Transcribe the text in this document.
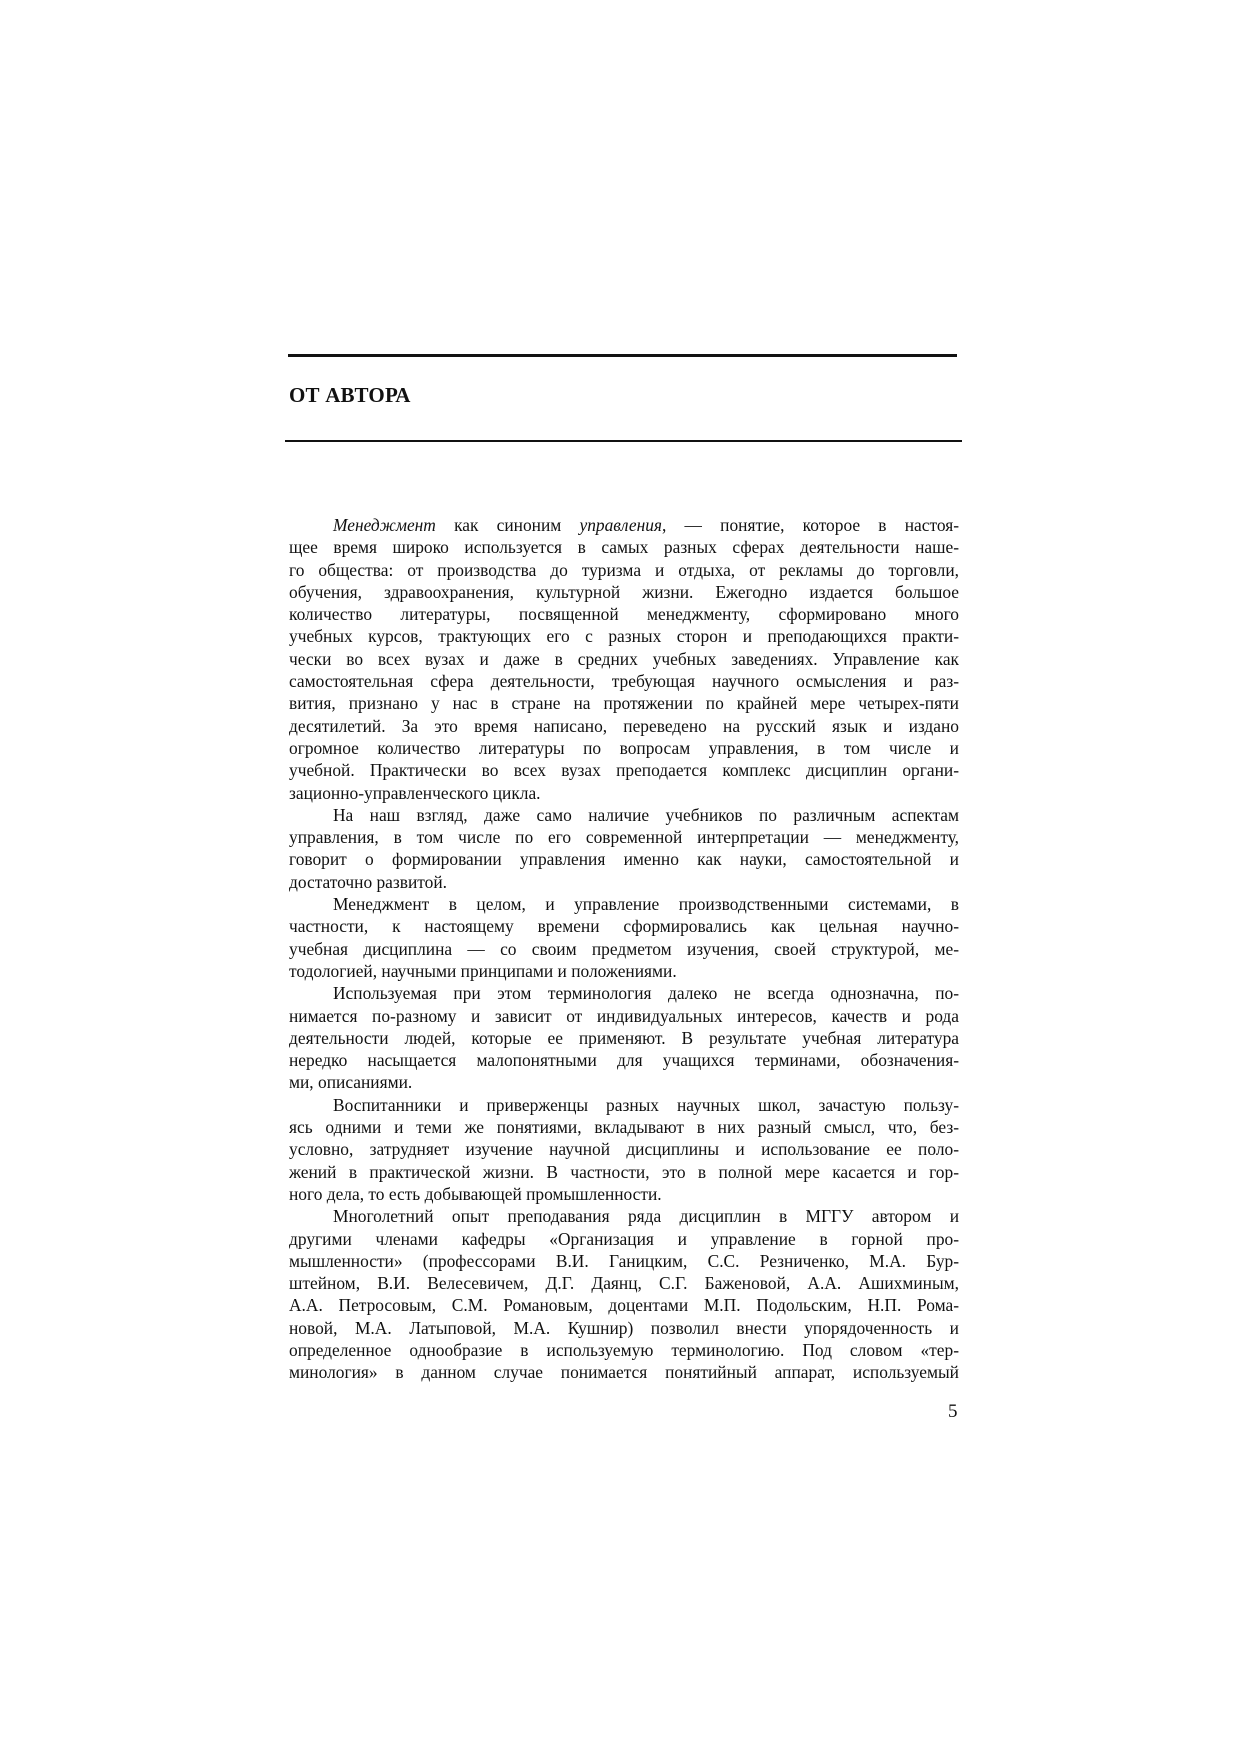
ОТ АВТОРА

Менеджмент как синоним управления, — понятие, которое в настоя-
щее время широко используется в самых разных сферах деятельности наше-
го общества: от производства до туризма и отдыха, от рекламы до торговли,
обучения, здравоохранения, культурной жизни. Ежегодно издается большое
количество литературы, посвященной менеджменту, сформировано много
учебных курсов, трактующих его с разных сторон и преподающихся практи-
чески во всех вузах и даже в средних учебных заведениях. Управление как
самостоятельная сфера деятельности, требующая научного осмысления и раз-
вития, признано у нас в стране на протяжении по крайней мере четырех-пяти
десятилетий. За это время написано, переведено на русский язык и издано
огромное количество литературы по вопросам управления, в том числе и
учебной. Практически во всех вузах преподается комплекс дисциплин органи-
зационно-управленческого цикла.

На наш взгляд, даже само наличие учебников по различным аспектам
управления, в том числе по его современной интерпретации — менеджменту,
говорит о формировании управления именно как науки, самостоятельной и
достаточно развитой.

Менеджмент в целом, и управление производственными системами, в
частности, к настоящему времени сформировались как цельная научно-
учебная дисциплина — со своим предметом изучения, своей структурой, ме-
тодологией, научными принципами и положениями.

Используемая при этом терминология далеко не всегда однозначна, по-
нимается по-разному и зависит от индивидуальных интересов, качеств и рода
деятельности людей, которые ее применяют. В результате учебная литература
нередко насыщается малопонятными для учащихся терминами, обозначения-
ми, описаниями.

Воспитанники и приверженцы разных научных школ, зачастую пользу-
ясь одними и теми же понятиями, вкладывают в них разный смысл, что, без-
условно, затрудняет изучение научной дисциплины и использование ее поло-
жений в практической жизни. В частности, это в полной мере касается и гор-
ного дела, то есть добывающей промышленности.

Многолетний опыт преподавания ряда дисциплин в МГГУ автором и
другими членами кафедры «Организация и управление в горной про-
мышленности» (профессорами В.И. Ганицким, С.С. Резниченко, М.А. Бур-
штейном, В.И. Велесевичем, Д.Г. Даянц, С.Г. Баженовой, А.А. Ашихминым,
А.А. Петросовым, С.М. Романовым, доцентами М.П. Подольским, Н.П. Рома-
новой, М.А. Латыповой, М.А. Кушнир) позволил внести упорядоченность и
определенное однообразие в используемую терминологию. Под словом «тер-
минология» в данном случае понимается понятийный аппарат, используемый

5
